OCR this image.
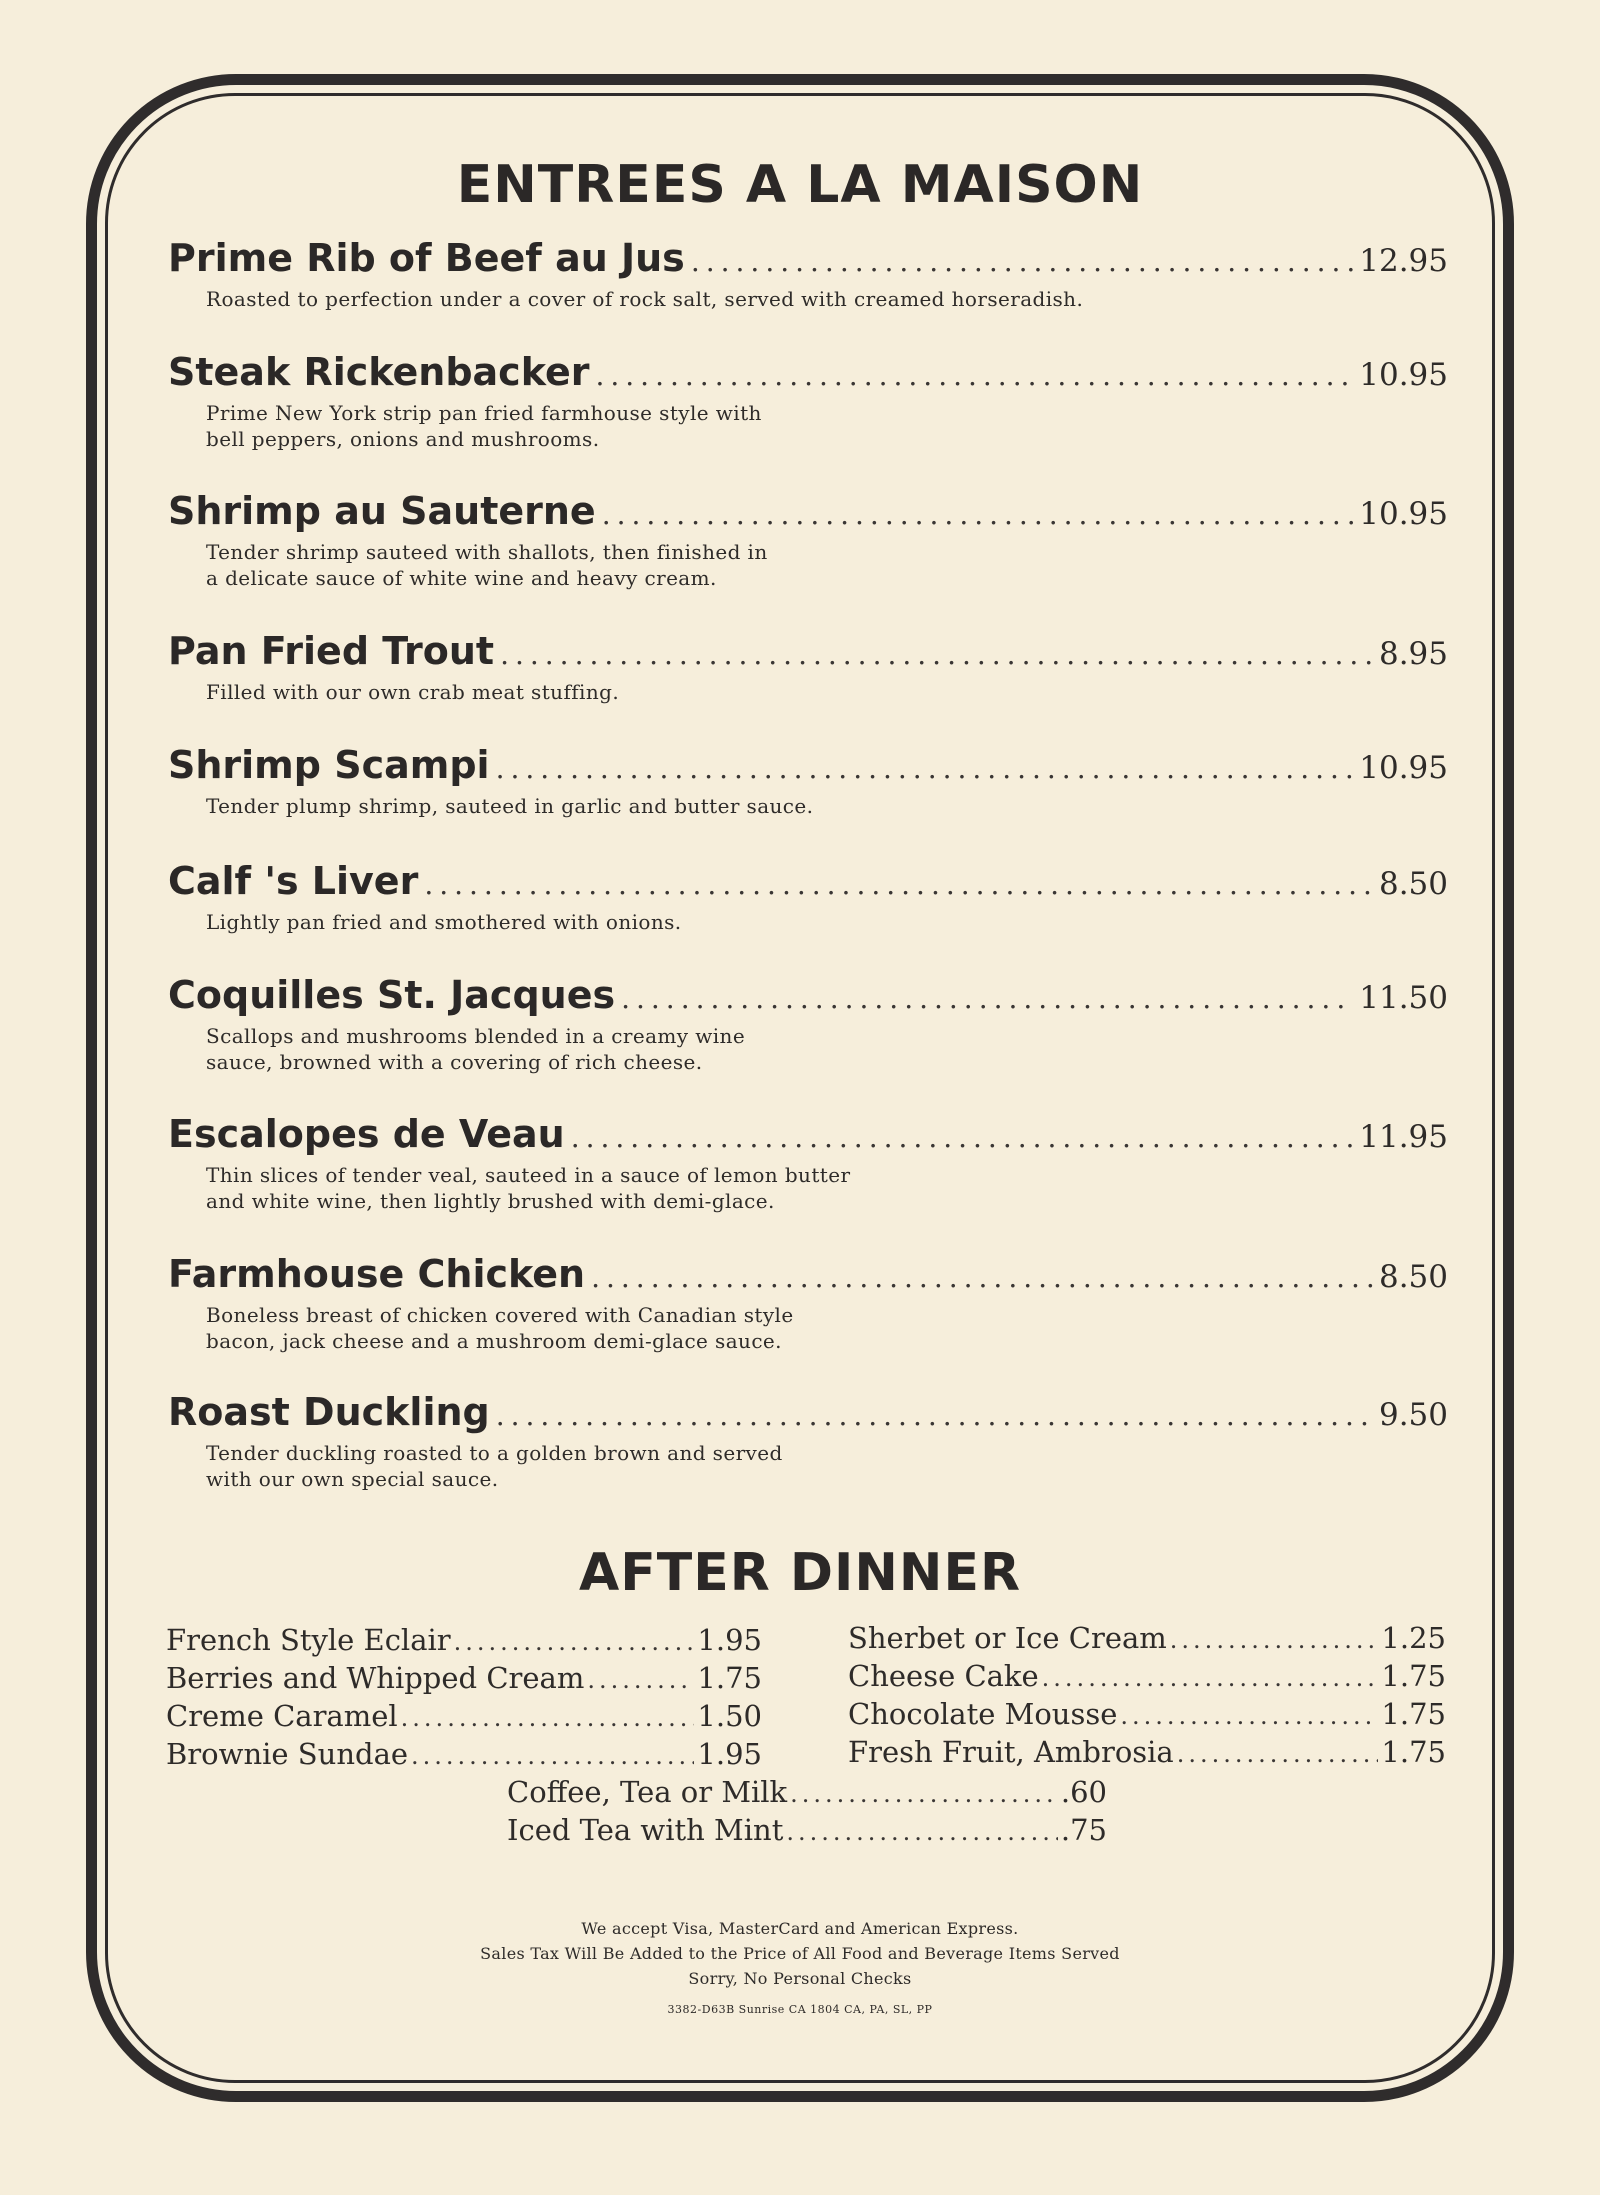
ENTREES A LA MAISON
Prime Rib of Beef au Jus .....	12.95
Roasted to perfection under a cover of rock salt, served with creamed horseradish.
Steak Rickenbacker .....	10.95
Prime New York strip pan fried farmhouse style with bell peppers, onions and mushrooms.
Shrimp au Sauterne .....	10.95
Tender shrimp sauteed with shallots, then finished in a delicate sauce of white wine and heavy cream.
Pan Fried Trout .....	8.95
Filled with our own crab meat stuffing.
Shrimp Scampi .....	10.95
Tender plump shrimp, sauteed in garlic and butter sauce.
Calf 's Liver .....	8.50
Lightly pan fried and smothered with onions.
Coquilles St. Jacques .....	11.50
Scallops and mushrooms blended in a creamy wine sauce, browned with a covering of rich cheese.
Escalopes de Veau .....	11.95
Thin slices of tender veal, sauteed in a sauce of lemon butter and white wine, then lightly brushed with demi-glace.
Farmhouse Chicken .....	8.50
Boneless breast of chicken covered with Canadian style bacon, jack cheese and a mushroom demi-glace sauce.
Roast Duckling .....	9.50
Tender duckling roasted to a golden brown and served with our own special sauce.
AFTER DINNER
French Style Eclair .....	1.95
Berries and Whipped Cream .....	1.75
Creme Caramel .....	1.50
Brownie Sundae .....	1.95
Sherbet or Ice Cream .....	1.25
Cheese Cake .....	1.75
Chocolate Mousse .....	1.75
Fresh Fruit, Ambrosia .....	1.75
Coffee, Tea or Milk .....	.60
Iced Tea with Mint .....	.75
We accept Visa, MasterCard and American Express.
Sales Tax Will Be Added to the Price of All Food and Beverage Items Served
Sorry, No Personal Checks
3382-D63B Sunrise CA 1804 CA, PA, SL, PP
